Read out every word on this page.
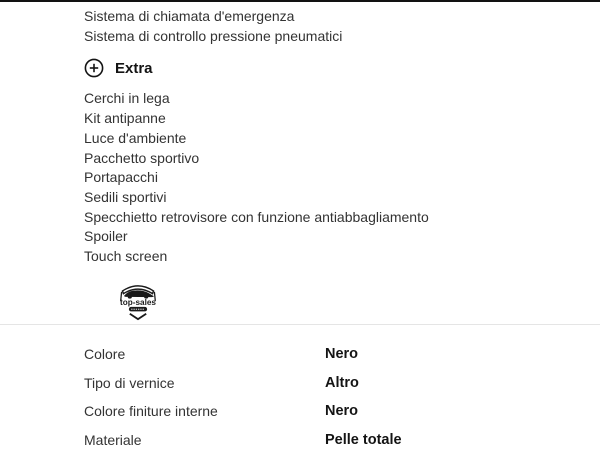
Sistema di chiamata d'emergenza
Sistema di controllo pressione pneumatici
Extra
Cerchi in lega
Kit antipanne
Luce d'ambiente
Pacchetto sportivo
Portapacchi
Sedili sportivi
Specchietto retrovisore con funzione antiabbagliamento
Spoiler
Touch screen
top-sales
Colore	Nero
Tipo di vernice	Altro
Colore finiture interne	Nero
Materiale	Pelle totale
